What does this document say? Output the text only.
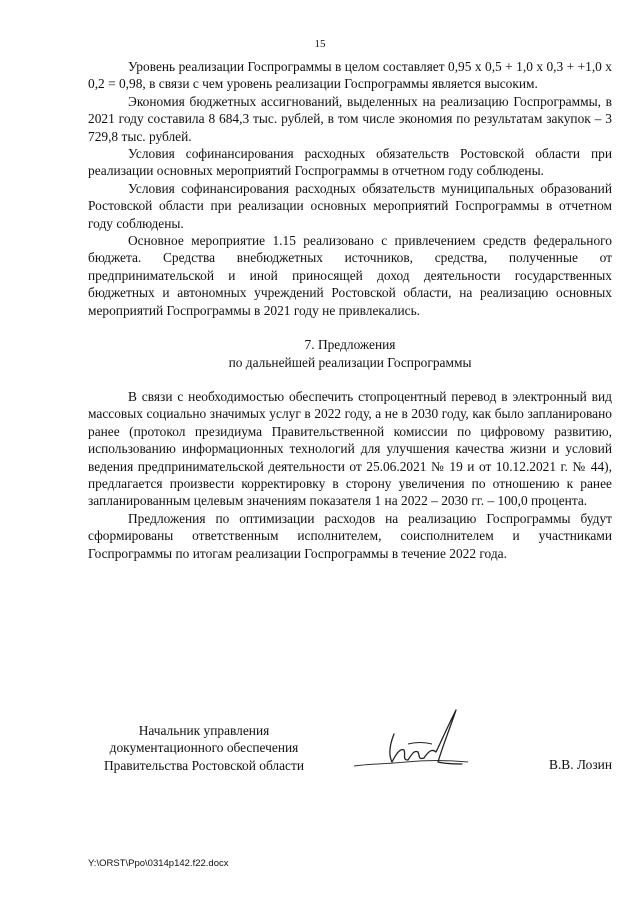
15

Уровень реализации Госпрограммы в целом составляет 0,95 x 0,5 + 1,0 x 0,3 + +1,0 x 0,2 = 0,98, в связи с чем уровень реализации Госпрограммы является высоким.

Экономия бюджетных ассигнований, выделенных на реализацию Госпрограммы, в 2021 году составила 8 684,3 тыс. рублей, в том числе экономия по результатам закупок – 3 729,8 тыс. рублей.

Условия софинансирования расходных обязательств Ростовской области при реализации основных мероприятий Госпрограммы в отчетном году соблюдены.

Условия софинансирования расходных обязательств муниципальных образований Ростовской области при реализации основных мероприятий Госпрограммы в отчетном году соблюдены.

Основное мероприятие 1.15 реализовано с привлечением средств федерального бюджета. Средства внебюджетных источников, средства, полученные от предпринимательской и иной приносящей доход деятельности государственных бюджетных и автономных учреждений Ростовской области, на реализацию основных мероприятий Госпрограммы в 2021 году не привлекались.

7. Предложения
по дальнейшей реализации Госпрограммы

В связи с необходимостью обеспечить стопроцентный перевод в электронный вид массовых социально значимых услуг в 2022 году, а не в 2030 году, как было запланировано ранее (протокол президиума Правительственной комиссии по цифровому развитию, использованию информационных технологий для улучшения качества жизни и условий ведения предпринимательской деятельности от 25.06.2021 № 19 и от 10.12.2021 г. № 44), предлагается произвести корректировку в сторону увеличения по отношению к ранее запланированным целевым значениям показателя 1 на 2022 – 2030 гг. – 100,0 процента.

Предложения по оптимизации расходов на реализацию Госпрограммы будут сформированы ответственным исполнителем, соисполнителем и участниками Госпрограммы по итогам реализации Госпрограммы в течение 2022 года.

Начальник управления
документационного обеспечения
Правительства Ростовской области	В.В. Лозин
Y:\ORST\Ppo\0314p142.f22.docx
